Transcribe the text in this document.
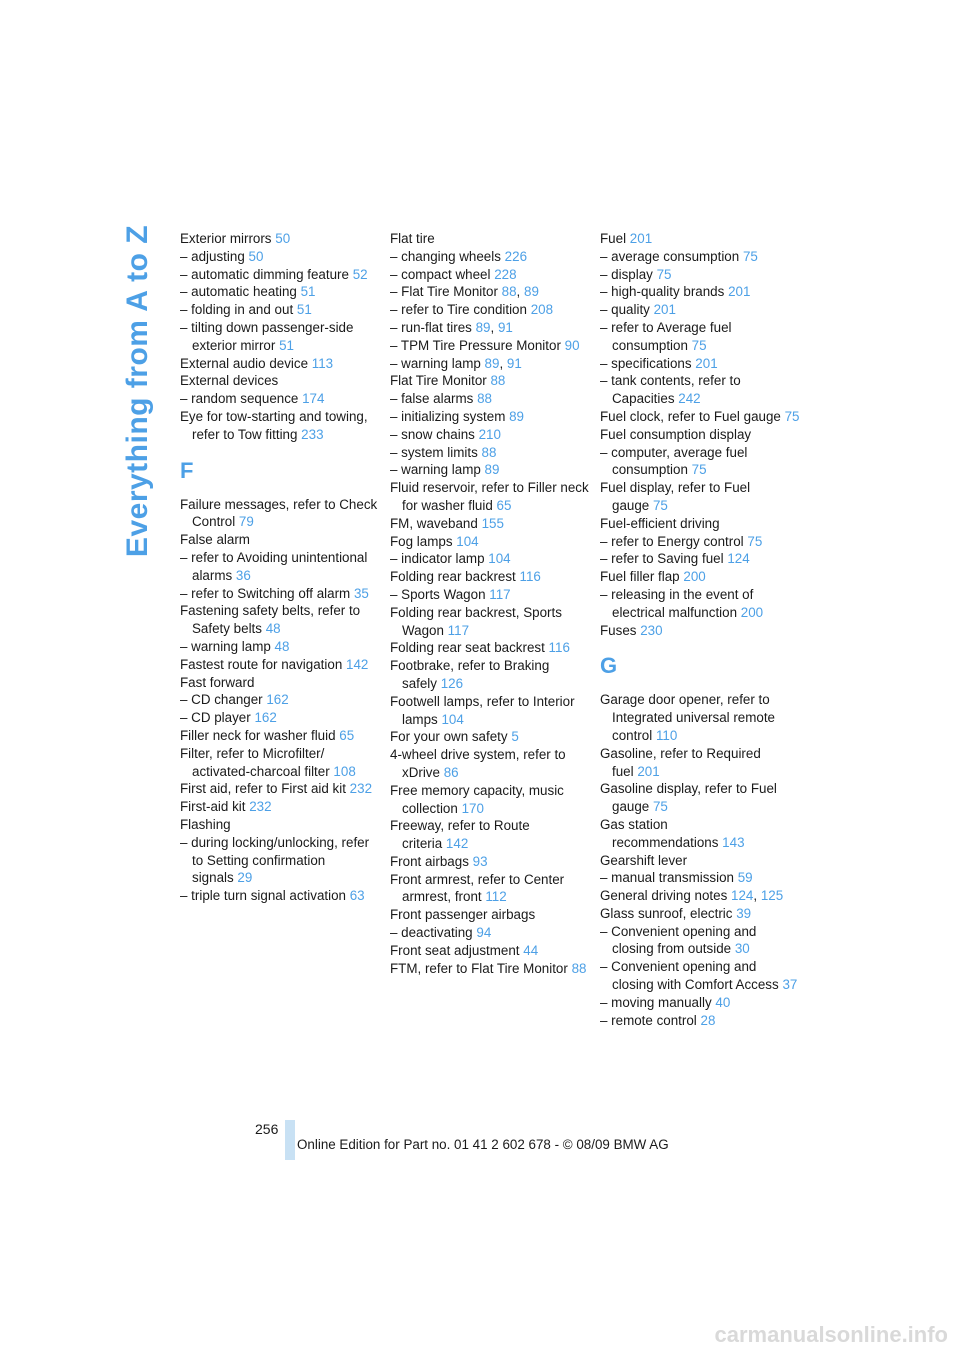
Everything from A to Z Exterior mirrors 50
– adjusting 50
– automatic dimming feature 52
– automatic heating 51
– folding in and out 51
– tilting down passenger-side exterior mirror 51
External audio device 113
External devices
– random sequence 174
Eye for tow-starting and towing, refer to Tow fitting 233
F
Failure messages, refer to Check Control 79
False alarm
– refer to Avoiding unintentional alarms 36
– refer to Switching off alarm 35
Fastening safety belts, refer to Safety belts 48
– warning lamp 48
Fastest route for navigation 142
Fast forward
– CD changer 162
– CD player 162
Filler neck for washer fluid 65
Filter, refer to Microfilter/ activated-charcoal filter 108
First aid, refer to First aid kit 232
First-aid kit 232
Flashing
– during locking/unlocking, refer to Setting confirmation signals 29
– triple turn signal activation 63
Flat tire
– changing wheels 226
– compact wheel 228
– Flat Tire Monitor 88, 89
– refer to Tire condition 208
– run-flat tires 89, 91
– TPM Tire Pressure Monitor 90
– warning lamp 89, 91
Flat Tire Monitor 88
– false alarms 88
– initializing system 89
– snow chains 210
– system limits 88
– warning lamp 89
Fluid reservoir, refer to Filler neck for washer fluid 65
FM, waveband 155
Fog lamps 104
– indicator lamp 104
Folding rear backrest 116
– Sports Wagon 117
Folding rear backrest, Sports Wagon 117
Folding rear seat backrest 116
Footbrake, refer to Braking safely 126
Footwell lamps, refer to Interior lamps 104
For your own safety 5
4-wheel drive system, refer to xDrive 86
Free memory capacity, music collection 170
Freeway, refer to Route criteria 142
Front airbags 93
Front armrest, refer to Center armrest, front 112
Front passenger airbags
– deactivating 94
Front seat adjustment 44
FTM, refer to Flat Tire Monitor 88
Fuel 201
– average consumption 75
– display 75
– high-quality brands 201
– quality 201
– refer to Average fuel consumption 75
– specifications 201
– tank contents, refer to Capacities 242
Fuel clock, refer to Fuel gauge 75
Fuel consumption display
– computer, average fuel consumption 75
Fuel display, refer to Fuel gauge 75
Fuel-efficient driving
– refer to Energy control 75
– refer to Saving fuel 124
Fuel filler flap 200
– releasing in the event of electrical malfunction 200
Fuses 230
G
Garage door opener, refer to Integrated universal remote control 110
Gasoline, refer to Required fuel 201
Gasoline display, refer to Fuel gauge 75
Gas station recommendations 143
Gearshift lever
– manual transmission 59
General driving notes 124, 125
Glass sunroof, electric 39
– Convenient opening and closing from outside 30
– Convenient opening and closing with Comfort Access 37
– moving manually 40
– remote control 28
256
Online Edition for Part no. 01 41 2 602 678 - © 08/09 BMW AG
carmanualsonline.info
